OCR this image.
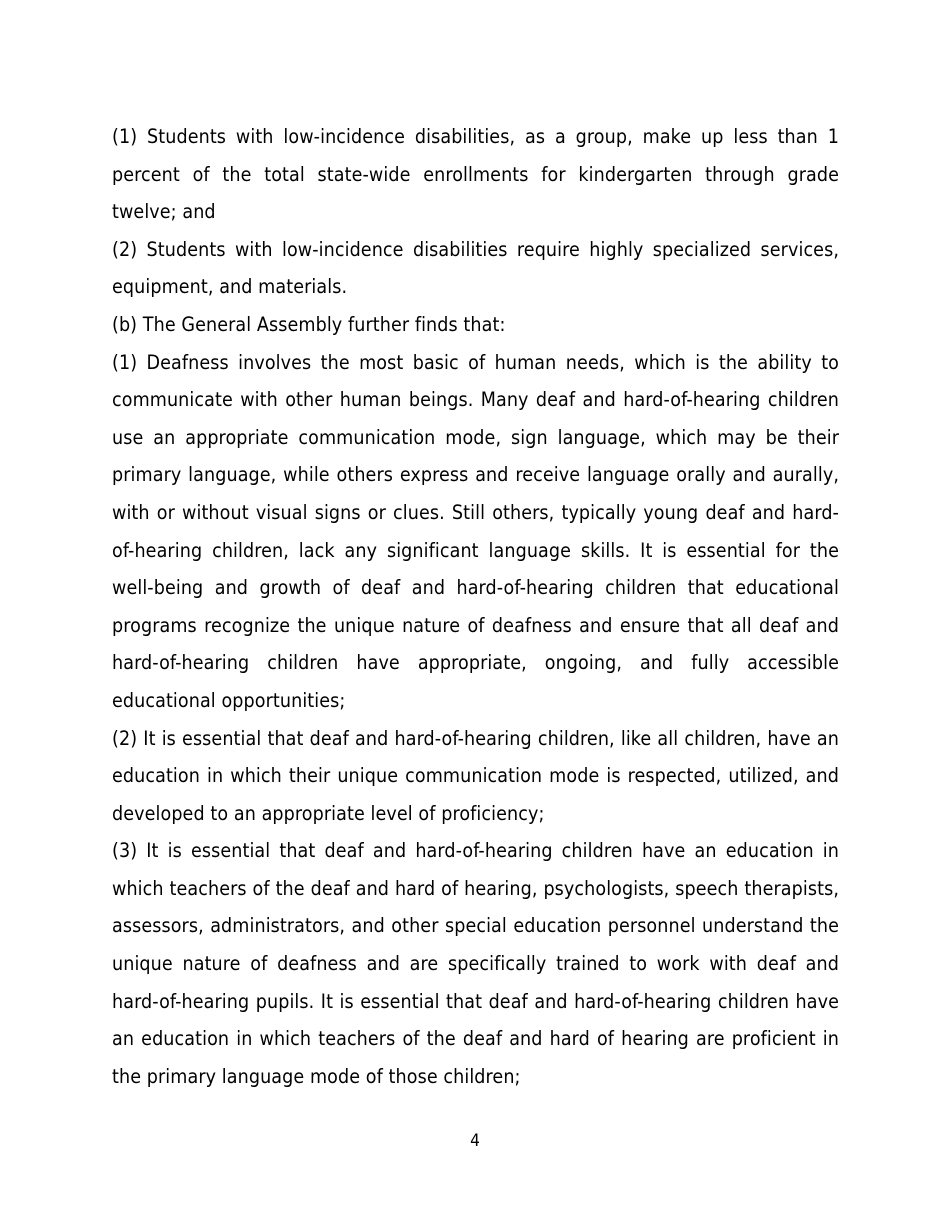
(1) Students with low-incidence disabilities, as a group, make up less than 1 percent of the total state-wide enrollments for kindergarten through grade twelve; and

(2) Students with low-incidence disabilities require highly specialized services, equipment, and materials.

(b) The General Assembly further finds that:

(1) Deafness involves the most basic of human needs, which is the ability to communicate with other human beings. Many deaf and hard-of-hearing children use an appropriate communication mode, sign language, which may be their primary language, while others express and receive language orally and aurally, with or without visual signs or clues. Still others, typically young deaf and hard-of-hearing children, lack any significant language skills. It is essential for the well-being and growth of deaf and hard-of-hearing children that educational programs recognize the unique nature of deafness and ensure that all deaf and hard-of-hearing children have appropriate, ongoing, and fully accessible educational opportunities;

(2) It is essential that deaf and hard-of-hearing children, like all children, have an education in which their unique communication mode is respected, utilized, and developed to an appropriate level of proficiency;

(3) It is essential that deaf and hard-of-hearing children have an education in which teachers of the deaf and hard of hearing, psychologists, speech therapists, assessors, administrators, and other special education personnel understand the unique nature of deafness and are specifically trained to work with deaf and hard-of-hearing pupils. It is essential that deaf and hard-of-hearing children have an education in which teachers of the deaf and hard of hearing are proficient in the primary language mode of those children;

4
